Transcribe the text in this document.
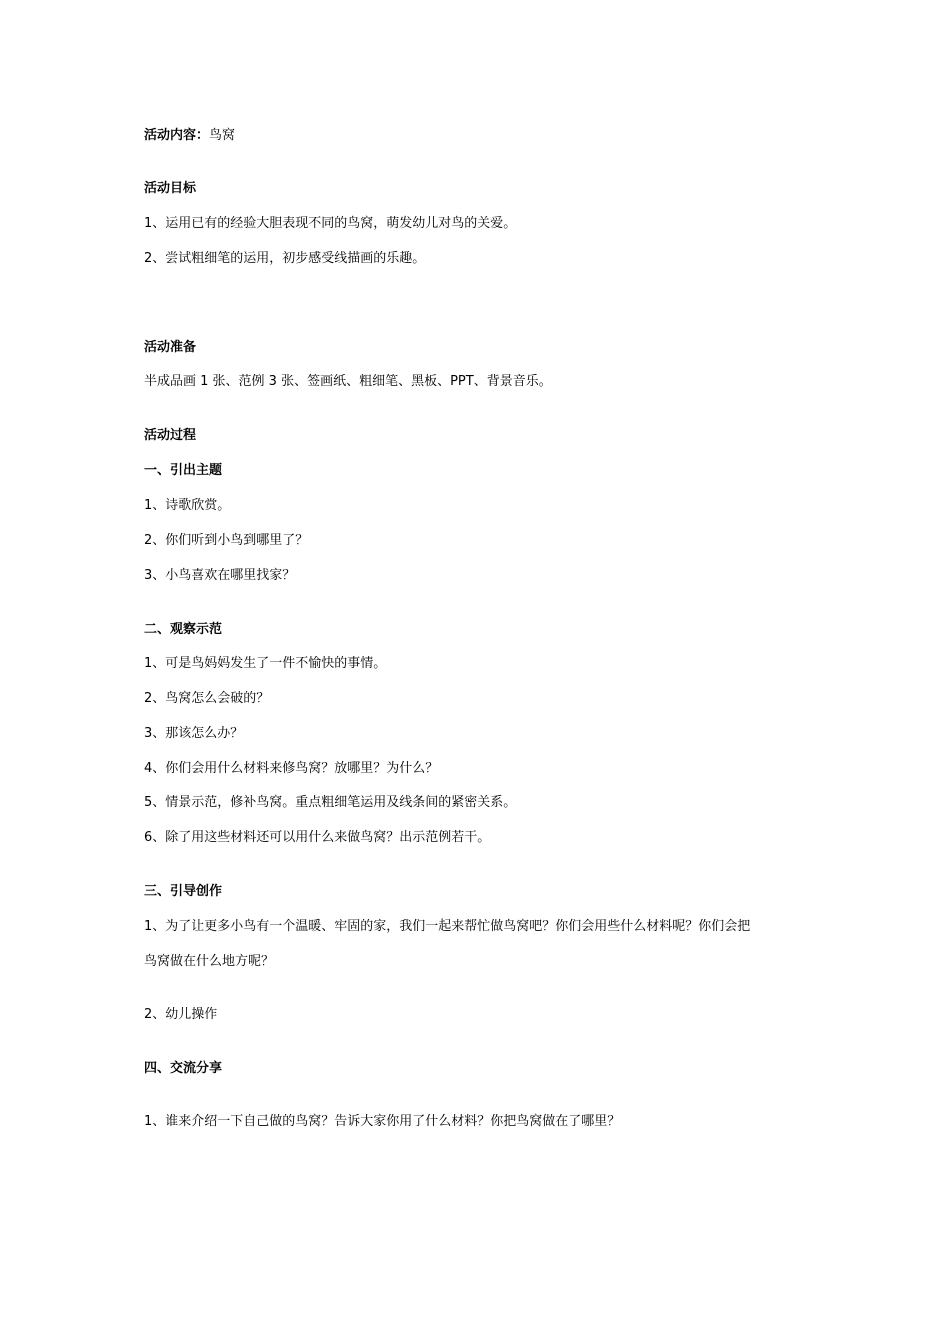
活动内容：鸟窝
活动目标
1、运用已有的经验大胆表现不同的鸟窝，萌发幼儿对鸟的关爱。
2、尝试粗细笔的运用，初步感受线描画的乐趣。
活动准备
半成品画 1 张、范例 3 张、签画纸、粗细笔、黑板、PPT、背景音乐。
活动过程
一、引出主题
1、诗歌欣赏。
2、你们听到小鸟到哪里了？
3、小鸟喜欢在哪里找家？
二、观察示范
1、可是鸟妈妈发生了一件不愉快的事情。
2、鸟窝怎么会破的？
3、那该怎么办？
4、你们会用什么材料来修鸟窝？放哪里？为什么？
5、情景示范，修补鸟窝。重点粗细笔运用及线条间的紧密关系。
6、除了用这些材料还可以用什么来做鸟窝？出示范例若干。
三、引导创作
1、为了让更多小鸟有一个温暖、牢固的家，我们一起来帮忙做鸟窝吧？你们会用些什么材料呢？你们会把
鸟窝做在什么地方呢？
2、幼儿操作
四、交流分享
1、谁来介绍一下自己做的鸟窝？告诉大家你用了什么材料？你把鸟窝做在了哪里？
